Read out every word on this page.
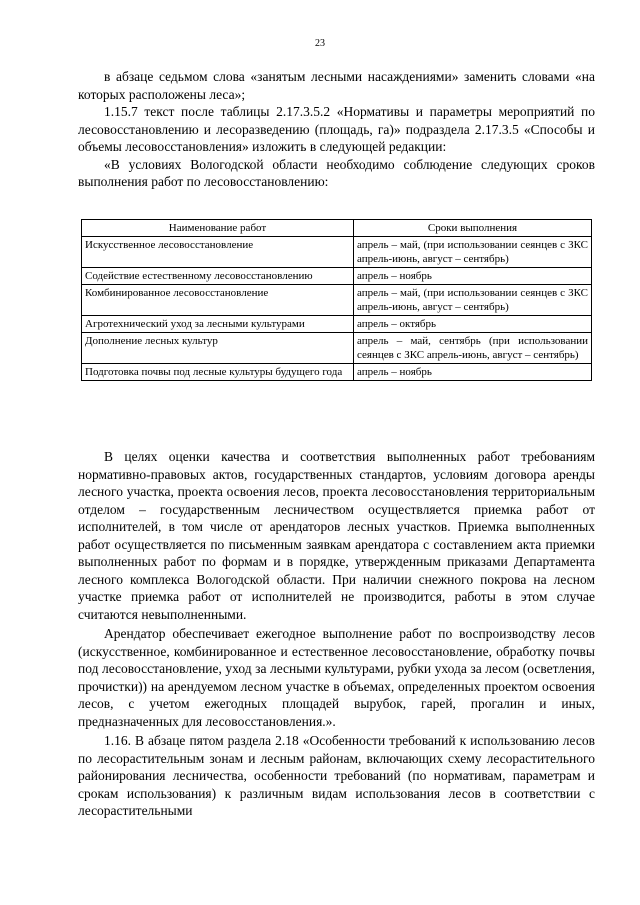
23

в абзаце седьмом слова «занятым лесными насаждениями» заменить словами «на которых расположены леса»;

1.15.7 текст после таблицы 2.17.3.5.2 «Нормативы и параметры мероприятий по лесовосстановлению и лесоразведению (площадь, га)» подраздела 2.17.3.5 «Способы и объемы лесовосстановления» изложить в следующей редакции:

«В условиях Вологодской области необходимо соблюдение следующих сроков выполнения работ по лесовосстановлению:

Наименование работ	Сроки выполнения
Искусственное лесовосстановление	апрель – май, (при использовании сеянцев с ЗКС апрель-июнь, август – сентябрь)
Содействие естественному лесовосстановлению	апрель – ноябрь
Комбинированное лесовосстановление	апрель – май, (при использовании сеянцев с ЗКС апрель-июнь, август – сентябрь)
Агротехнический уход за лесными культурами	апрель – октябрь
Дополнение лесных культур	апрель – май, сентябрь (при использовании сеянцев с ЗКС апрель-июнь, август – сентябрь)
Подготовка почвы под лесные культуры будущего года	апрель – ноябрь

В целях оценки качества и соответствия выполненных работ требованиям нормативно-правовых актов, государственных стандартов, условиям договора аренды лесного участка, проекта освоения лесов, проекта лесовосстановления территориальным отделом – государственным лесничеством осуществляется приемка работ от исполнителей, в том числе от арендаторов лесных участков. Приемка выполненных работ осуществляется по письменным заявкам арендатора с составлением акта приемки выполненных работ по формам и в порядке, утвержденным приказами Департамента лесного комплекса Вологодской области. При наличии снежного покрова на лесном участке приемка работ от исполнителей не производится, работы в этом случае считаются невыполненными.

Арендатор обеспечивает ежегодное выполнение работ по воспроизводству лесов (искусственное, комбинированное и естественное лесовосстановление, обработку почвы под лесовосстановление, уход за лесными культурами, рубки ухода за лесом (осветления, прочистки)) на арендуемом лесном участке в объемах, определенных проектом освоения лесов, с учетом ежегодных площадей вырубок, гарей, прогалин и иных, предназначенных для лесовосстановления.».

1.16. В абзаце пятом раздела 2.18 «Особенности требований к использованию лесов по лесорастительным зонам и лесным районам, включающих схему лесорастительного районирования лесничества, особенности требований (по нормативам, параметрам и срокам использования) к различным видам использования лесов в соответствии с лесорастительными
